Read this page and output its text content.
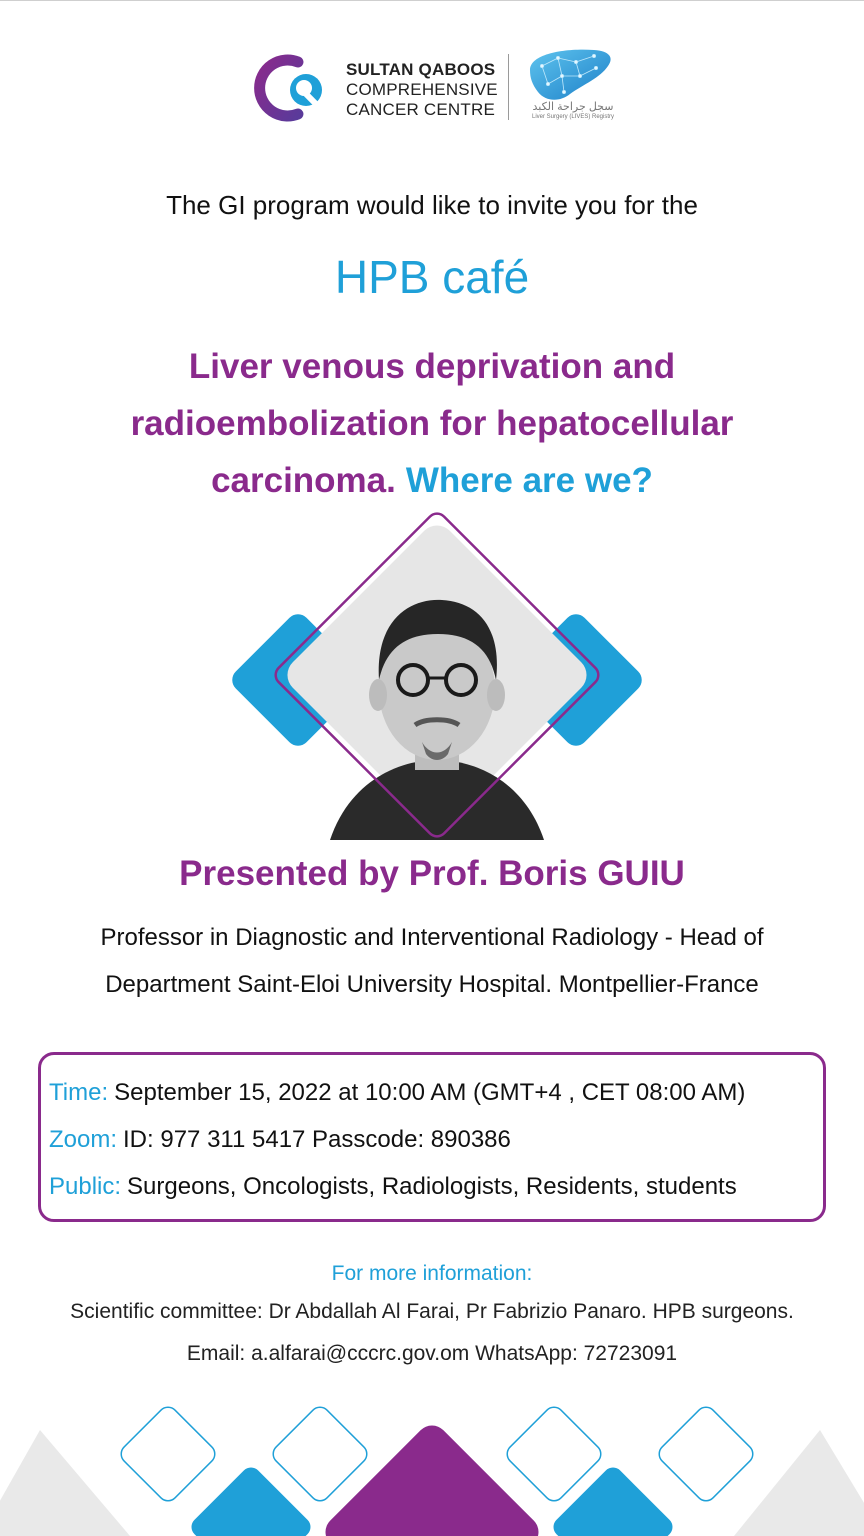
SULTAN QABOOS
COMPREHENSIVE
CANCER CENTRE	سجل جراحة الكبد
Liver Surgery (LIVES) Registry
The GI program would like to invite you for the
HPB café
Liver venous deprivation and radioembolization for hepatocellular carcinoma. Where are we?
Presented by Prof. Boris GUIU
Professor in Diagnostic and Interventional Radiology - Head of Department Saint-Eloi University Hospital. Montpellier-France
Time: September 15, 2022 at 10:00 AM (GMT+4 , CET 08:00 AM)
Zoom: ID: 977 311 5417 Passcode: 890386
Public: Surgeons, Oncologists, Radiologists, Residents, students
For more information:
Scientific committee: Dr Abdallah Al Farai, Pr Fabrizio Panaro. HPB surgeons.
Email: a.alfarai@cccrc.gov.om WhatsApp: 72723091
